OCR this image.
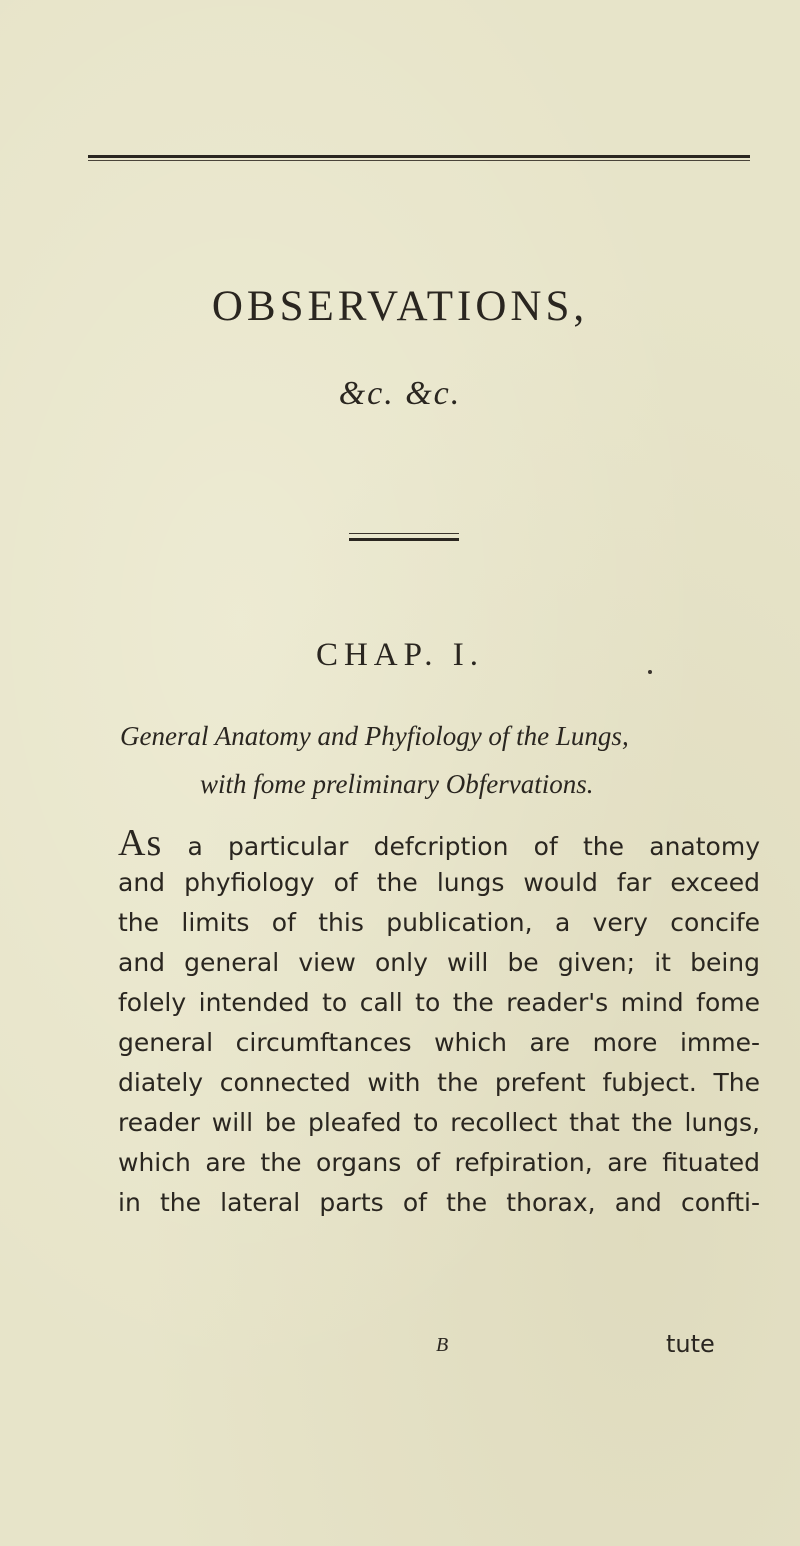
OBSERVATIONS,
&c. &c.
CHAP. I.
General Anatomy and Phyfiology of the Lungs,
with fome preliminary Obfervations.
As a particular defcription of the anatomy
and phyfiology of the lungs would far exceed
the limits of this publication, a very concife
and general view only will be given; it being
folely intended to call to the reader's mind fome
general circumftances which are more imme-
diately connected with the prefent fubject. The
reader will be pleafed to recollect that the lungs,
which are the organs of refpiration, are fituated
in the lateral parts of the thorax, and confti-
B	tute
